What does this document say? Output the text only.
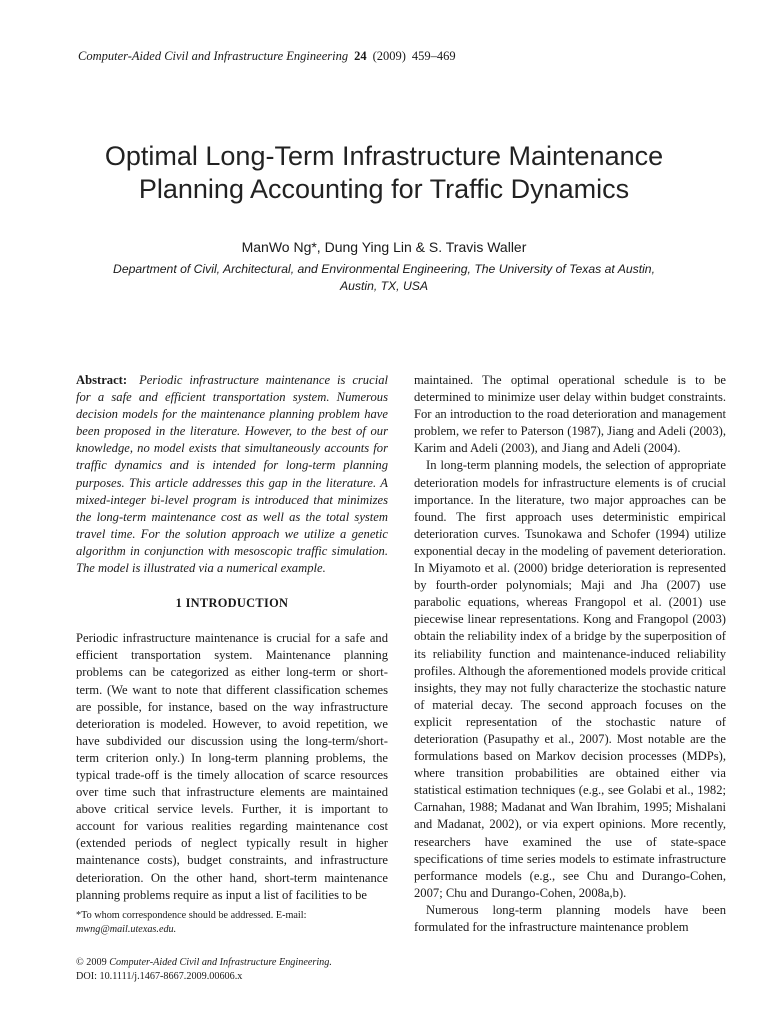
Computer-Aided Civil and Infrastructure Engineering 24 (2009) 459–469
Optimal Long-Term Infrastructure Maintenance Planning Accounting for Traffic Dynamics
ManWo Ng*, Dung Ying Lin & S. Travis Waller
Department of Civil, Architectural, and Environmental Engineering, The University of Texas at Austin, Austin, TX, USA

Abstract: Periodic infrastructure maintenance is crucial for a safe and efficient transportation system. Numerous decision models for the maintenance planning problem have been proposed in the literature. However, to the best of our knowledge, no model exists that simultaneously accounts for traffic dynamics and is intended for long-term planning purposes. This article addresses this gap in the literature. A mixed-integer bi-level program is introduced that minimizes the long-term maintenance cost as well as the total system travel time. For the solution approach we utilize a genetic algorithm in conjunction with mesoscopic traffic simulation. The model is illustrated via a numerical example.

1 INTRODUCTION

Periodic infrastructure maintenance is crucial for a safe and efficient transportation system. Maintenance planning problems can be categorized as either long-term or short-term. (We want to note that different classification schemes are possible, for instance, based on the way infrastructure deterioration is modeled. However, to avoid repetition, we have subdivided our discussion using the long-term/short-term criterion only.) In long-term planning problems, the typical trade-off is the timely allocation of scarce resources over time such that infrastructure elements are maintained above critical service levels. Further, it is important to account for various realities regarding maintenance cost (extended periods of neglect typically result in higher maintenance costs), budget constraints, and infrastructure deterioration. On the other hand, short-term maintenance planning problems require as input a list of facilities to be

maintained. The optimal operational schedule is to be determined to minimize user delay within budget constraints. For an introduction to the road deterioration and management problem, we refer to Paterson (1987), Jiang and Adeli (2003), Karim and Adeli (2003), and Jiang and Adeli (2004).

In long-term planning models, the selection of appropriate deterioration models for infrastructure elements is of crucial importance. In the literature, two major approaches can be found. The first approach uses deterministic empirical deterioration curves. Tsunokawa and Schofer (1994) utilize exponential decay in the modeling of pavement deterioration. In Miyamoto et al. (2000) bridge deterioration is represented by fourth-order polynomials; Maji and Jha (2007) use parabolic equations, whereas Frangopol et al. (2001) use piecewise linear representations. Kong and Frangopol (2003) obtain the reliability index of a bridge by the superposition of its reliability function and maintenance-induced reliability profiles. Although the aforementioned models provide critical insights, they may not fully characterize the stochastic nature of material decay. The second approach focuses on the explicit representation of the stochastic nature of deterioration (Pasupathy et al., 2007). Most notable are the formulations based on Markov decision processes (MDPs), where transition probabilities are obtained either via statistical estimation techniques (e.g., see Golabi et al., 1982; Carnahan, 1988; Madanat and Wan Ibrahim, 1995; Mishalani and Madanat, 2002), or via expert opinions. More recently, researchers have examined the use of state-space specifications of time series models to estimate infrastructure performance models (e.g., see Chu and Durango-Cohen, 2007; Chu and Durango-Cohen, 2008a,b).

Numerous long-term planning models have been formulated for the infrastructure maintenance problem

*To whom correspondence should be addressed. E-mail: mwng@mail.utexas.edu.
© 2009 Computer-Aided Civil and Infrastructure Engineering.
DOI: 10.1111/j.1467-8667.2009.00606.x
